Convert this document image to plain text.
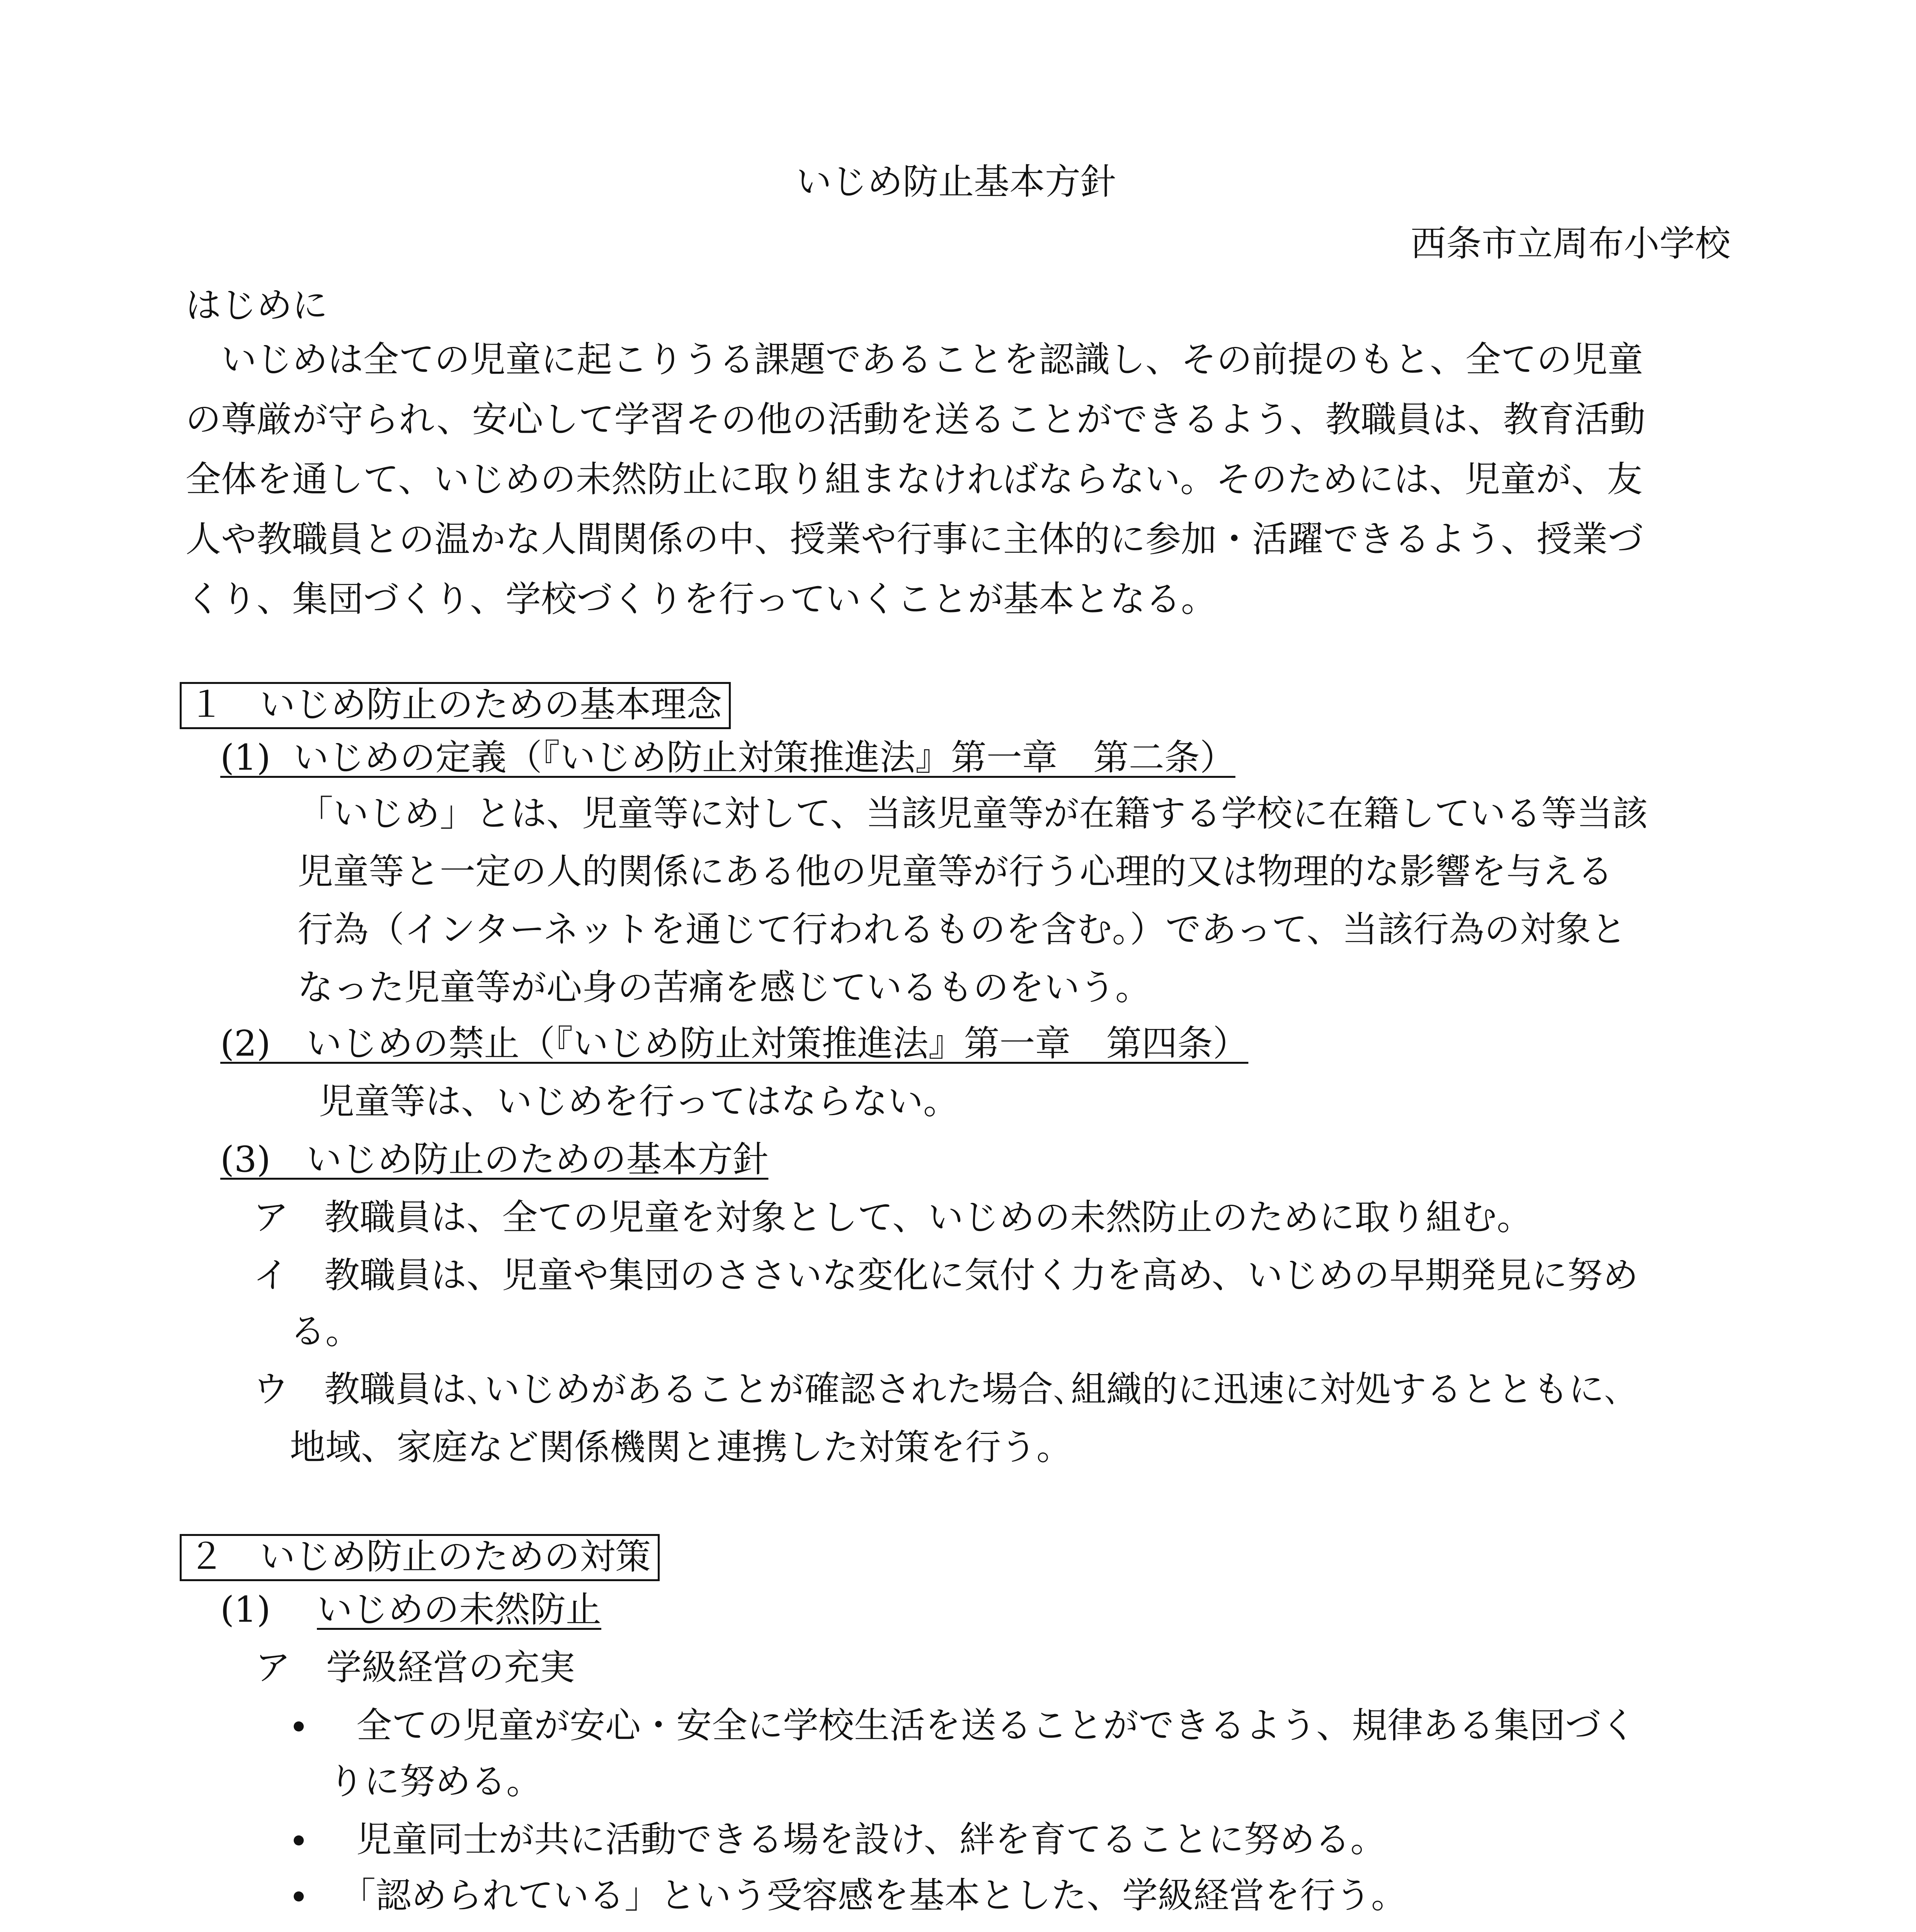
いじめ防止基本方針

西条市立周布小学校

はじめに

　いじめは全ての児童に起こりうる課題であることを認識し、その前提のもと、全ての児童

の尊厳が守られ、安心して学習その他の活動を送ることができるよう、教職員は、教育活動

全体を通して、いじめの未然防止に取り組まなければならない。そのためには、児童が、友

人や教職員との温かな人間関係の中、授業や行事に主体的に参加・活躍できるよう、授業づ

くり、集団づくり、学校づくりを行っていくことが基本となる。

１　いじめ防止のための基本理念

(1)  いじめの定義（『いじめ防止対策推進法』第一章　第二条）

「いじめ」とは、児童等に対して、当該児童等が在籍する学校に在籍している等当該

児童等と一定の人的関係にある他の児童等が行う心理的又は物理的な影響を与える

行為（インターネットを通じて行われるものを含む。）であって、当該行為の対象と

なった児童等が心身の苦痛を感じているものをいう。

(2)　いじめの禁止（『いじめ防止対策推進法』第一章　第四条）

児童等は、いじめを行ってはならない。

(3)　いじめ防止のための基本方針

ア　教職員は、全ての児童を対象として、いじめの未然防止のために取り組む。

イ　教職員は、児童や集団のささいな変化に気付く力を高め、いじめの早期発見に努め

る。

ウ　教職員は､いじめがあることが確認された場合､組織的に迅速に対処するとともに､

地域、家庭など関係機関と連携した対策を行う。

２　いじめ防止のための対策

(1) いじめの未然防止

ア　学級経営の充実

　全ての児童が安心・安全に学校生活を送ることができるよう、規律ある集団づく

りに努める。

　児童同士が共に活動できる場を設け、絆を育てることに努める。

「認められている」という受容感を基本とした、学級経営を行う。
